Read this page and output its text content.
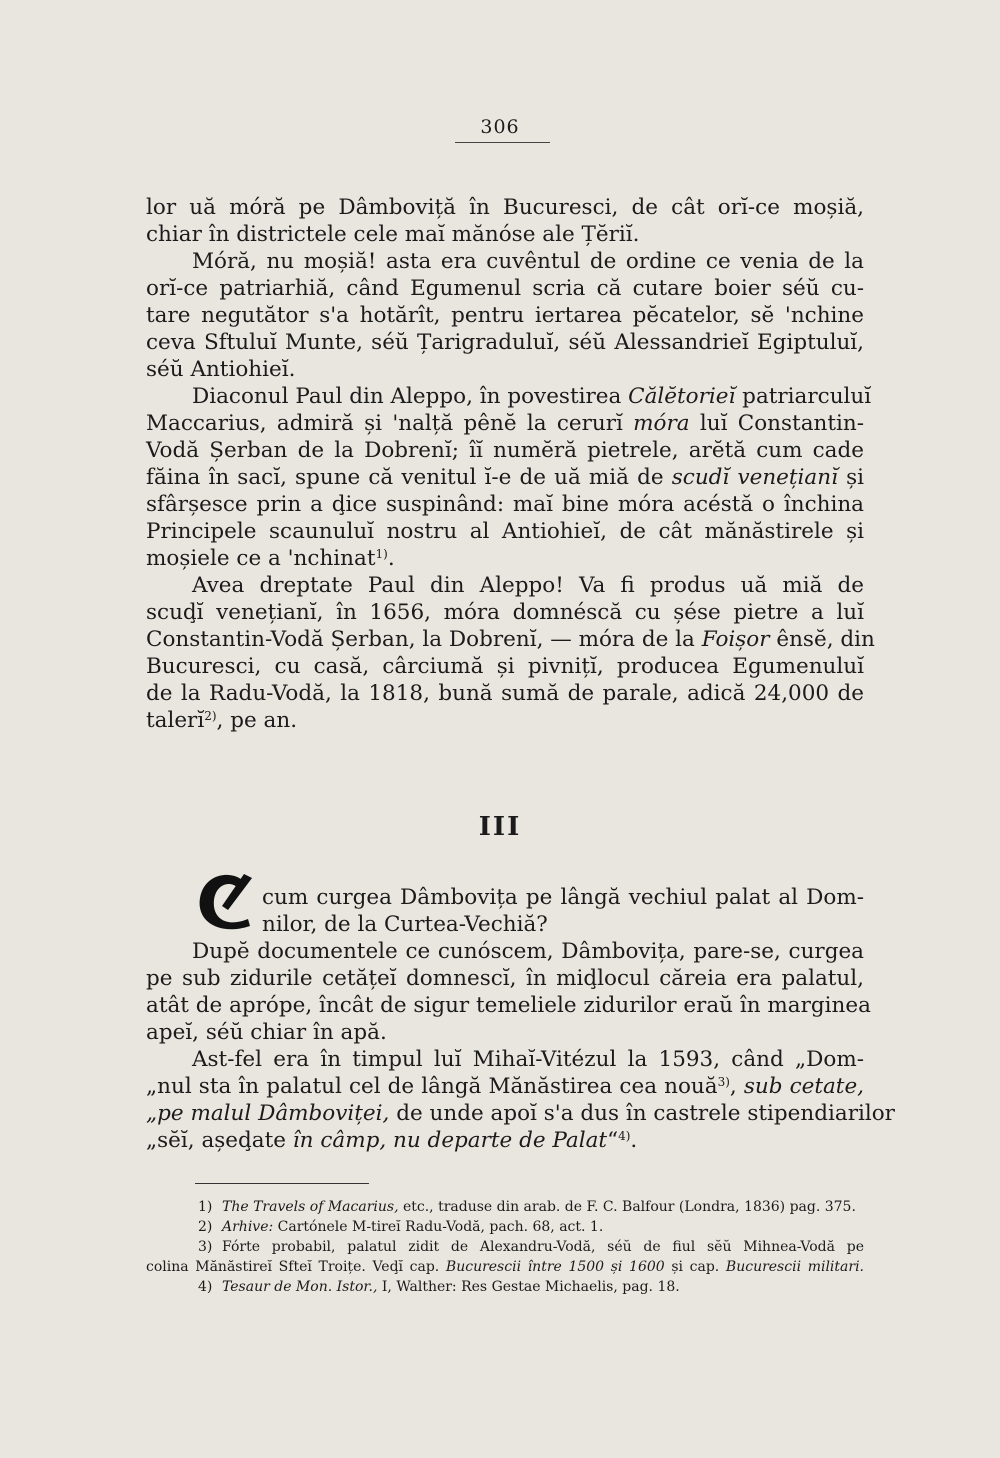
306
lor uă móră pe Dâmboviță în Bucuresci, de cât orĭ-ce moșiă,
chiar în districtele cele maĭ mănóse ale Țĕriĭ.
Móră, nu moșiă! asta era cuvêntul de ordine ce venia de la
orĭ-ce patriarhiă, când Egumenul scria că cutare boier séŭ cu-
tare negutător s'a hotărît, pentru iertarea pĕcatelor, sĕ 'nchine
ceva Sftuluĭ Munte, séŭ Țarigraduluĭ, séŭ Alessandrieĭ Egiptuluĭ,
séŭ Antiohieĭ.
Diaconul Paul din Aleppo, în povestirea Călĕtorieĭ patriarculuĭ
Maccarius, admiră și 'nalță pênĕ la cerurĭ móra luĭ Constantin-
Vodă Șerban de la Dobrenĭ; îĭ numĕră pietrele, arĕtă cum cade
făina în sacĭ, spune că venitul ĭ-e de uă miă de scudĭ venețianĭ și
sfârșesce prin a ḑice suspinând: maĭ bine móra acéstă o închina
Principele scaunuluĭ nostru al Antiohieĭ, de cât mănăstirele și
moșiele ce a 'nchinat$^{1)}$.
Avea dreptate Paul din Aleppo! Va fi produs uă miă de
scuḑĭ venețianĭ, în 1656, móra domnéscă cu șése pietre a luĭ
Constantin-Vodă Șerban, la Dobrenĭ, — móra de la Foișor ênsĕ, din
Bucuresci, cu casă, cârciumă și pivnițĭ, producea Egumenuluĭ
de la Radu-Vodă, la 1818, bună sumă de parale, adică 24,000 de
talerĭ$^{2)}$, pe an.
III
cum curgea Dâmbovița pe lângă vechiul palat al Dom-
nilor, de la Curtea-Vechiă?
Dupĕ documentele ce cunóscem, Dâmbovița, pare-se, curgea
pe sub zidurile cetățeĭ domnescĭ, în miḑlocul căreia era palatul,
atât de aprópe, încât de sigur temeliele zidurilor eraŭ în marginea
apeĭ, séŭ chiar în apă.
Ast-fel era în timpul luĭ Mihaĭ-Vitézul la 1593, când „Dom-
„nul sta în palatul cel de lângă Mănăstirea cea nouă$^{3)}$, sub cetate,
„pe malul Dâmboviței, de unde apoĭ s'a dus în castrele stipendiarilor
„sĕĭ, așeḑate în câmp, nu departe de Palat“$^{4)}$.
1) The Travels of Macarius, etc., traduse din arab. de F. C. Balfour (Londra, 1836) pag. 375.
2) Arhive: Cartónele M-tireĭ Radu-Vodă, pach. 68, act. 1.
3) Fórte probabil, palatul zidit de Alexandru-Vodă, séŭ de fiul sĕŭ Mihnea-Vodă pe
colina Mănăstireĭ Sfteĭ Troițe. Veḑĭ cap. Bucurescii între 1500 și 1600 și cap. Bucurescii militari.
4) Tesaur de Mon. Istor., I, Walther: Res Gestae Michaelis, pag. 18.
